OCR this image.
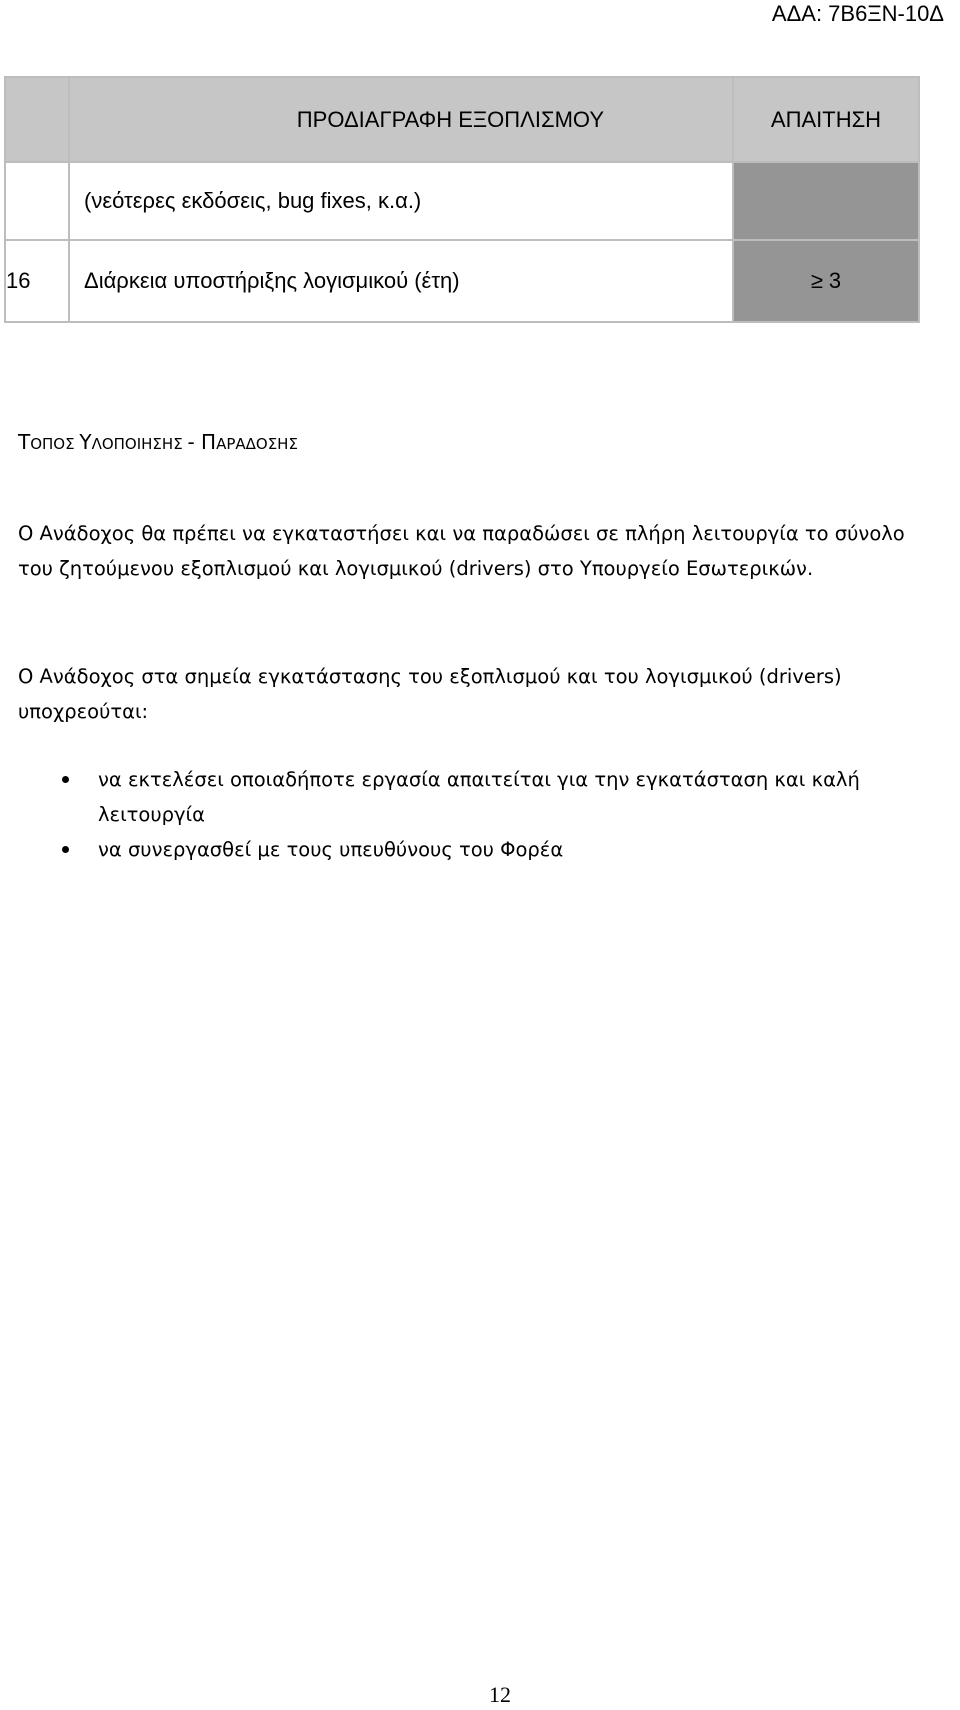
ΑΔΑ: 7Β6ΞΝ-10Δ

	ΠΡΟΔΙΑΓΡΑΦΗ ΕΞΟΠΛΙΣΜΟΥ	ΑΠΑΙΤΗΣΗ
	(νεότερες εκδόσεις, bug fixes, κ.α.)	
16	Διάρκεια υποστήριξης λογισμικού (έτη)	≥ 3
ΤΟΠΟΣ ΥΛΟΠΟΙΗΣΗΣ - ΠΑΡΑΔΟΣΗΣ

Ο Ανάδοχος θα πρέπει να εγκαταστήσει και να παραδώσει σε πλήρη λειτουργία το σύνολο του ζητούμενου εξοπλισμού και λογισμικού (drivers) στο Υπουργείο Εσωτερικών.

Ο Ανάδοχος στα σημεία εγκατάστασης του εξοπλισμού και του λογισμικού (drivers) υποχρεούται:

να εκτελέσει οποιαδήποτε εργασία απαιτείται για την εγκατάσταση και καλή λειτουργία
να συνεργασθεί με τους υπευθύνους του Φορέα
12
